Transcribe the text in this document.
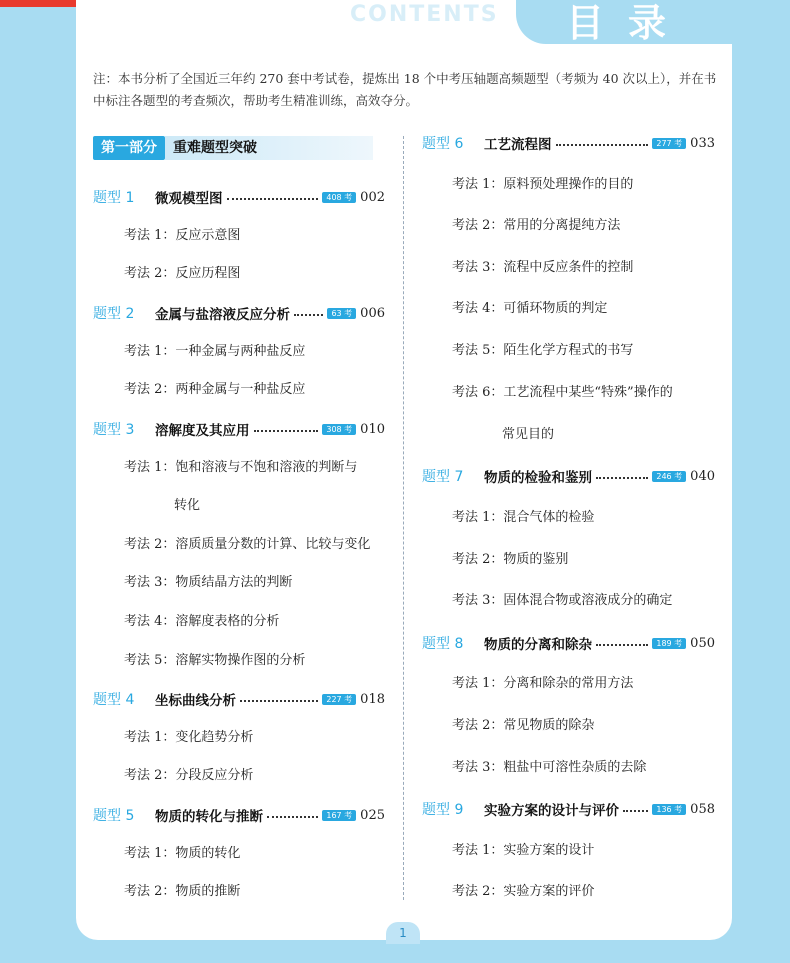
CONTENTS 目录
注：本书分析了全国近三年约 270 套中考试卷，提炼出 18 个中考压轴题高频题型（考频为 40 次以上），并在书中标注各题型的考查频次，帮助考生精准训练，高效夺分。
第一部分	重难题型突破
题型 1	微观模型图	408 考 002
考法 1：反应示意图
考法 2：反应历程图
题型 2	金属与盐溶液反应分析	63 考 006
考法 1：一种金属与两种盐反应
考法 2：两种金属与一种盐反应
题型 3	溶解度及其应用	308 考 010
考法 1：饱和溶液与不饱和溶液的判断与
转化
考法 2：溶质质量分数的计算、比较与变化
考法 3：物质结晶方法的判断
考法 4：溶解度表格的分析
考法 5：溶解实物操作图的分析
题型 4	坐标曲线分析	227 考 018
考法 1：变化趋势分析
考法 2：分段反应分析
题型 5	物质的转化与推断	167 考 025
考法 1：物质的转化
考法 2：物质的推断
题型 6	工艺流程图	277 考 033
考法 1：原料预处理操作的目的
考法 2：常用的分离提纯方法
考法 3：流程中反应条件的控制
考法 4：可循环物质的判定
考法 5：陌生化学方程式的书写
考法 6：工艺流程中某些“特殊”操作的
常见目的
题型 7	物质的检验和鉴别	246 考 040
考法 1：混合气体的检验
考法 2：物质的鉴别
考法 3：固体混合物或溶液成分的确定
题型 8	物质的分离和除杂	189 考 050
考法 1：分离和除杂的常用方法
考法 2：常见物质的除杂
考法 3：粗盐中可溶性杂质的去除
题型 9	实验方案的设计与评价	136 考 058
考法 1：实验方案的设计
考法 2：实验方案的评价
1
